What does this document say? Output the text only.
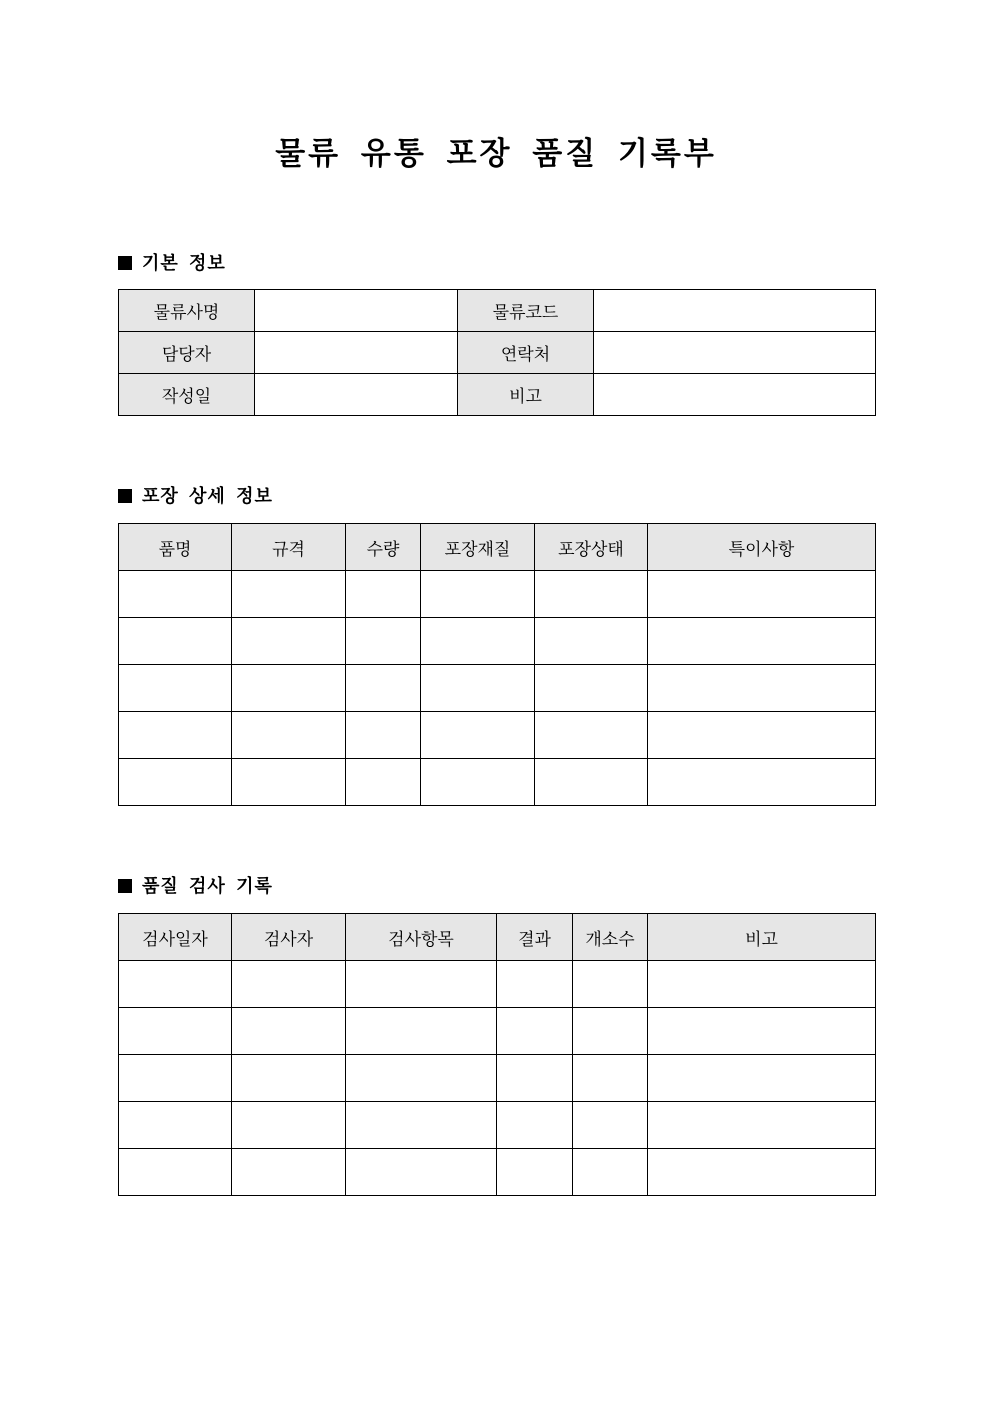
물류 유통 포장 품질 기록부
기본 정보
물류사명		물류코드	
담당자		연락처	
작성일		비고	
포장 상세 정보
품명	규격	수량	포장재질	포장상태	특이사항

품질 검사 기록
검사일자	검사자	검사항목	결과	개소수	비고
